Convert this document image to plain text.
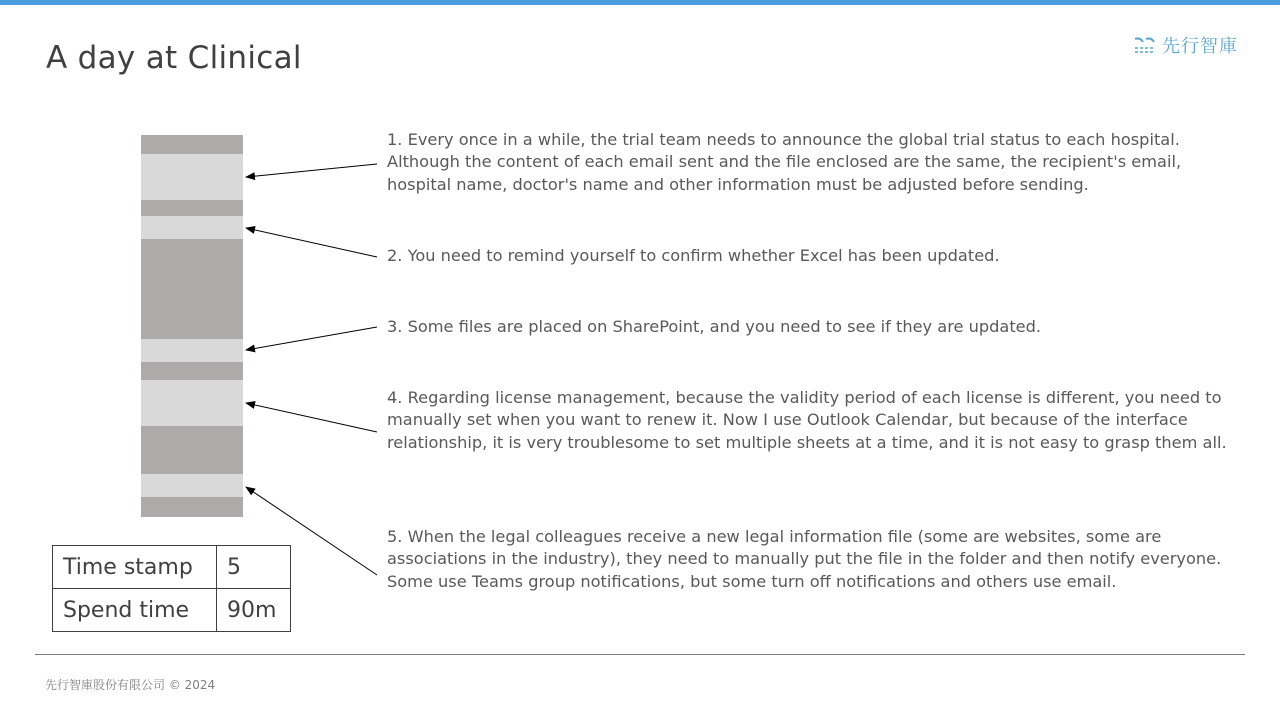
A day at Clinical	先行智庫

1. Every once in a while, the trial team needs to announce the global trial status to each hospital. Although the content of each email sent and the file enclosed are the same, the recipient's email, hospital name, doctor's name and other information must be adjusted before sending.

2. You need to remind yourself to confirm whether Excel has been updated.

3. Some files are placed on SharePoint, and you need to see if they are updated.

4. Regarding license management, because the validity period of each license is different, you need to manually set when you want to renew it. Now I use Outlook Calendar, but because of the interface relationship, it is very troublesome to set multiple sheets at a time, and it is not easy to grasp them all.

5. When the legal colleagues receive a new legal information file (some are websites, some are associations in the industry), they need to manually put the file in the folder and then notify everyone. Some use Teams group notifications, but some turn off notifications and others use email.

Time stamp	5
Spend time	90m
先行智庫股份有限公司 © 2024
